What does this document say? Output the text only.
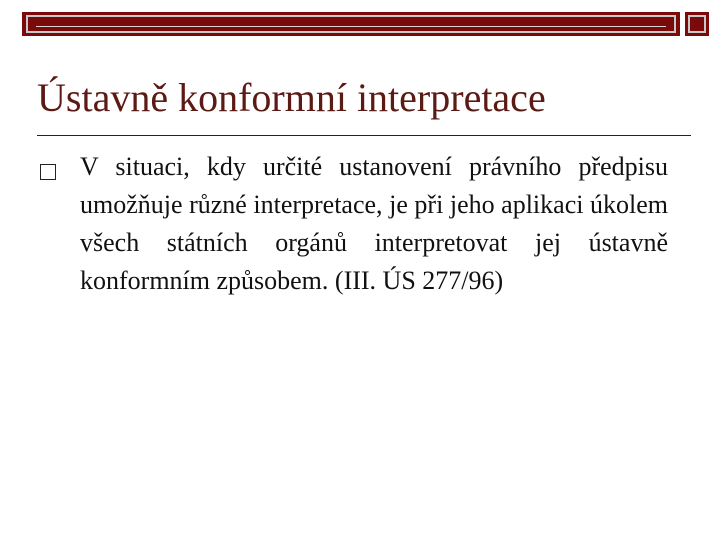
Ústavně konformní interpretace
V situaci, kdy určité ustanovení právního předpisu umožňuje různé interpretace, je při jeho aplikaci úkolem všech státních orgánů interpretovat jej ústavně konformním způsobem. (III. ÚS 277/96)
